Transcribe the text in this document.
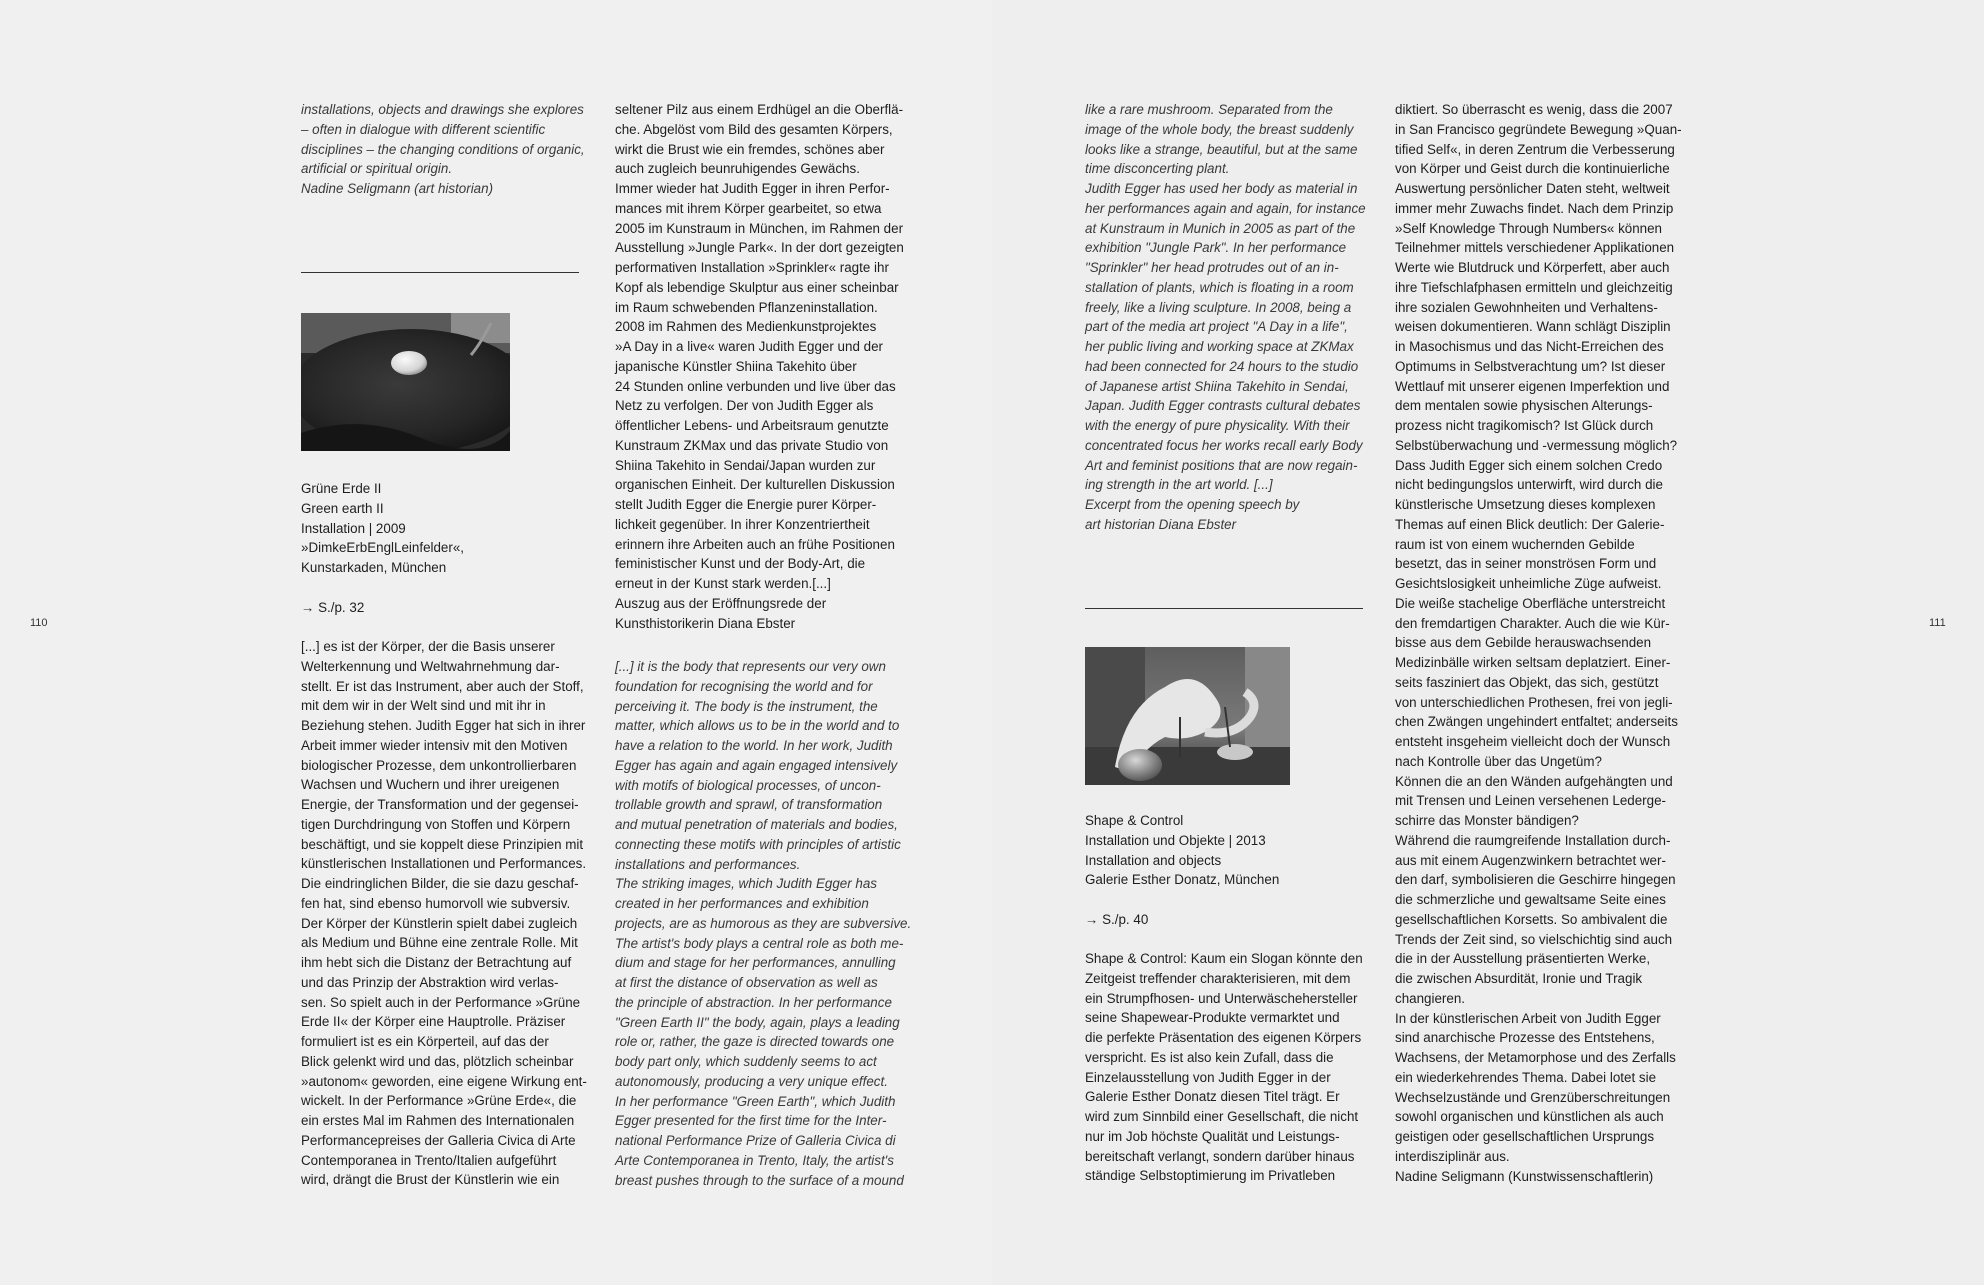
110

installations, objects and drawings she explores

– often in dialogue with different scientific

disciplines – the changing conditions of organic,

artificial or spiritual origin.

Nadine Seligmann (art historian)

Grüne Erde II

Green earth II

Installation | 2009

»DimkeErbEnglLeinfelder«,

Kunstarkaden, München

→ S./p. 32

[...] es ist der Körper, der die Basis unserer

Welterkennung und Weltwahrnehmung dar-

stellt. Er ist das Instrument, aber auch der Stoff,

mit dem wir in der Welt sind und mit ihr in

Beziehung stehen. Judith Egger hat sich in ihrer

Arbeit immer wieder intensiv mit den Motiven

biologischer Prozesse, dem unkontrollierbaren

Wachsen und Wuchern und ihrer ureigenen

Energie, der Transformation und der gegensei-

tigen Durchdringung von Stoffen und Körpern

beschäftigt, und sie koppelt diese Prinzipien mit

künstlerischen Installationen und Performances.

Die eindringlichen Bilder, die sie dazu geschaf-

fen hat, sind ebenso humorvoll wie subversiv.

Der Körper der Künstlerin spielt dabei zugleich

als Medium und Bühne eine zentrale Rolle. Mit

ihm hebt sich die Distanz der Betrachtung auf

und das Prinzip der Abstraktion wird verlas-

sen. So spielt auch in der Performance »Grüne

Erde II« der Körper eine Hauptrolle. Präziser

formuliert ist es ein Körperteil, auf das der

Blick gelenkt wird und das, plötzlich scheinbar

»autonom« geworden, eine eigene Wirkung ent-

wickelt. In der Performance »Grüne Erde«, die

ein erstes Mal im Rahmen des Internationalen

Performancepreises der Galleria Civica di Arte

Contemporanea in Trento/Italien aufgeführt

wird, drängt die Brust der Künstlerin wie ein

seltener Pilz aus einem Erdhügel an die Oberflä-

che. Abgelöst vom Bild des gesamten Körpers,

wirkt die Brust wie ein fremdes, schönes aber

auch zugleich beunruhigendes Gewächs.

Immer wieder hat Judith Egger in ihren Perfor-

mances mit ihrem Körper gearbeitet, so etwa

2005 im Kunstraum in München, im Rahmen der

Ausstellung »Jungle Park«. In der dort gezeigten

performativen Installation »Sprinkler« ragte ihr

Kopf als lebendige Skulptur aus einer scheinbar

im Raum schwebenden Pflanzeninstallation.

2008 im Rahmen des Medienkunstprojektes

»A Day in a live« waren Judith Egger und der

japanische Künstler Shiina Takehito über

24 Stunden online verbunden und live über das

Netz zu verfolgen. Der von Judith Egger als

öffentlicher Lebens- und Arbeitsraum genutzte

Kunstraum ZKMax und das private Studio von

Shiina Takehito in Sendai/Japan wurden zur

organischen Einheit. Der kulturellen Diskussion

stellt Judith Egger die Energie purer Körper-

lichkeit gegenüber. In ihrer Konzentriertheit

erinnern ihre Arbeiten auch an frühe Positionen

feministischer Kunst und der Body-Art, die

erneut in der Kunst stark werden.[...]

Auszug aus der Eröffnungsrede der

Kunsthistorikerin Diana Ebster

[...] it is the body that represents our very own

foundation for recognising the world and for

perceiving it. The body is the instrument, the

matter, which allows us to be in the world and to

have a relation to the world. In her work, Judith

Egger has again and again engaged intensively

with motifs of biological processes, of uncon-

trollable growth and sprawl, of transformation

and mutual penetration of materials and bodies,

connecting these motifs with principles of artistic

installations and performances.

The striking images, which Judith Egger has

created in her performances and exhibition

projects, are as humorous as they are subversive.

The artist's body plays a central role as both me-

dium and stage for her performances, annulling

at first the distance of observation as well as

the principle of abstraction. In her performance

"Green Earth II" the body, again, plays a leading

role or, rather, the gaze is directed towards one

body part only, which suddenly seems to act

autonomously, producing a very unique effect.

In her performance "Green Earth", which Judith

Egger presented for the first time for the Inter-

national Performance Prize of Galleria Civica di

Arte Contemporanea in Trento, Italy, the artist's

breast pushes through to the surface of a mound

111

like a rare mushroom. Separated from the

image of the whole body, the breast suddenly

looks like a strange, beautiful, but at the same

time disconcerting plant.

Judith Egger has used her body as material in

her performances again and again, for instance

at Kunstraum in Munich in 2005 as part of the

exhibition "Jungle Park". In her performance

"Sprinkler" her head protrudes out of an in-

stallation of plants, which is floating in a room

freely, like a living sculpture. In 2008, being a

part of the media art project "A Day in a life",

her public living and working space at ZKMax

had been connected for 24 hours to the studio

of Japanese artist Shiina Takehito in Sendai,

Japan. Judith Egger contrasts cultural debates

with the energy of pure physicality. With their

concentrated focus her works recall early Body

Art and feminist positions that are now regain-

ing strength in the art world. [...]

Excerpt from the opening speech by

art historian Diana Ebster

Shape & Control

Installation und Objekte | 2013

Installation and objects

Galerie Esther Donatz, München

→ S./p. 40

Shape & Control: Kaum ein Slogan könnte den

Zeitgeist treffender charakterisieren, mit dem

ein Strumpfhosen- und Unterwäschehersteller

seine Shapewear-Produkte vermarktet und

die perfekte Präsentation des eigenen Körpers

verspricht. Es ist also kein Zufall, dass die

Einzelausstellung von Judith Egger in der

Galerie Esther Donatz diesen Titel trägt. Er

wird zum Sinnbild einer Gesellschaft, die nicht

nur im Job höchste Qualität und Leistungs-

bereitschaft verlangt, sondern darüber hinaus

ständige Selbstoptimierung im Privatleben

diktiert. So überrascht es wenig, dass die 2007

in San Francisco gegründete Bewegung »Quan-

tified Self«, in deren Zentrum die Verbesserung

von Körper und Geist durch die kontinuierliche

Auswertung persönlicher Daten steht, weltweit

immer mehr Zuwachs findet. Nach dem Prinzip

»Self Knowledge Through Numbers« können

Teilnehmer mittels verschiedener Applikationen

Werte wie Blutdruck und Körperfett, aber auch

ihre Tiefschlafphasen ermitteln und gleichzeitig

ihre sozialen Gewohnheiten und Verhaltens-

weisen dokumentieren. Wann schlägt Disziplin

in Masochismus und das Nicht-Erreichen des

Optimums in Selbstverachtung um? Ist dieser

Wettlauf mit unserer eigenen Imperfektion und

dem mentalen sowie physischen Alterungs-

prozess nicht tragikomisch? Ist Glück durch

Selbstüberwachung und -vermessung möglich?

Dass Judith Egger sich einem solchen Credo

nicht bedingungslos unterwirft, wird durch die

künstlerische Umsetzung dieses komplexen

Themas auf einen Blick deutlich: Der Galerie-

raum ist von einem wuchernden Gebilde

besetzt, das in seiner monströsen Form und

Gesichtslosigkeit unheimliche Züge aufweist.

Die weiße stachelige Oberfläche unterstreicht

den fremdartigen Charakter. Auch die wie Kür-

bisse aus dem Gebilde herauswachsenden

Medizinbälle wirken seltsam deplatziert. Einer-

seits fasziniert das Objekt, das sich, gestützt

von unterschiedlichen Prothesen, frei von jegli-

chen Zwängen ungehindert entfaltet; anderseits

entsteht insgeheim vielleicht doch der Wunsch

nach Kontrolle über das Ungetüm?

Können die an den Wänden aufgehängten und

mit Trensen und Leinen versehenen Lederge-

schirre das Monster bändigen?

Während die raumgreifende Installation durch-

aus mit einem Augenzwinkern betrachtet wer-

den darf, symbolisieren die Geschirre hingegen

die schmerzliche und gewaltsame Seite eines

gesellschaftlichen Korsetts. So ambivalent die

Trends der Zeit sind, so vielschichtig sind auch

die in der Ausstellung präsentierten Werke,

die zwischen Absurdität, Ironie und Tragik

changieren.

In der künstlerischen Arbeit von Judith Egger

sind anarchische Prozesse des Entstehens,

Wachsens, der Metamorphose und des Zerfalls

ein wiederkehrendes Thema. Dabei lotet sie

Wechselzustände und Grenzüberschreitungen

sowohl organischen und künstlichen als auch

geistigen oder gesellschaftlichen Ursprungs

interdisziplinär aus.

Nadine Seligmann (Kunstwissenschaftlerin)
